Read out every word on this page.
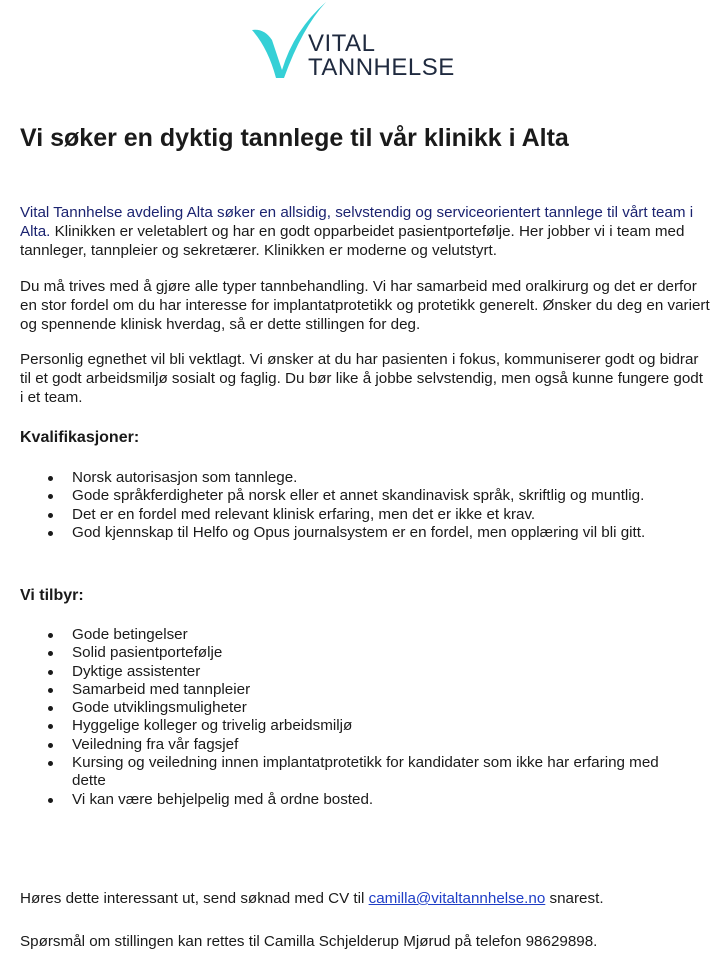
VITAL
TANNHELSE
Vi søker en dyktig tannlege til vår klinikk i Alta

Vital Tannhelse avdeling Alta søker en allsidig, selvstendig og serviceorientert tannlege til vårt team i Alta. Klinikken er veletablert og har en godt opparbeidet pasientportefølje. Her jobber vi i team med tannleger, tannpleier og sekretærer. Klinikken er moderne og velutstyrt.

Du må trives med å gjøre alle typer tannbehandling. Vi har samarbeid med oralkirurg og det er derfor en stor fordel om du har interesse for implantatprotetikk og protetikk generelt. Ønsker du deg en variert og spennende klinisk hverdag, så er dette stillingen for deg.

Personlig egnethet vil bli vektlagt. Vi ønsker at du har pasienten i fokus, kommuniserer godt og bidrar til et godt arbeidsmiljø sosialt og faglig. Du bør like å jobbe selvstendig, men også kunne fungere godt i et team.

Kvalifikasjoner:
Norsk autorisasjon som tannlege.
Gode språkferdigheter på norsk eller et annet skandinavisk språk, skriftlig og muntlig.
Det er en fordel med relevant klinisk erfaring, men det er ikke et krav.
God kjennskap til Helfo og Opus journalsystem er en fordel, men opplæring vil bli gitt.
Vi tilbyr:
Gode betingelser
Solid pasientportefølje
Dyktige assistenter
Samarbeid med tannpleier
Gode utviklingsmuligheter
Hyggelige kolleger og trivelig arbeidsmiljø
Veiledning fra vår fagsjef
Kursing og veiledning innen implantatprotetikk for kandidater som ikke har erfaring med dette
Vi kan være behjelpelig med å ordne bosted.

Høres dette interessant ut, send søknad med CV til camilla@vitaltannhelse.no snarest.

Spørsmål om stillingen kan rettes til Camilla Schjelderup Mjørud på telefon 98629898.
